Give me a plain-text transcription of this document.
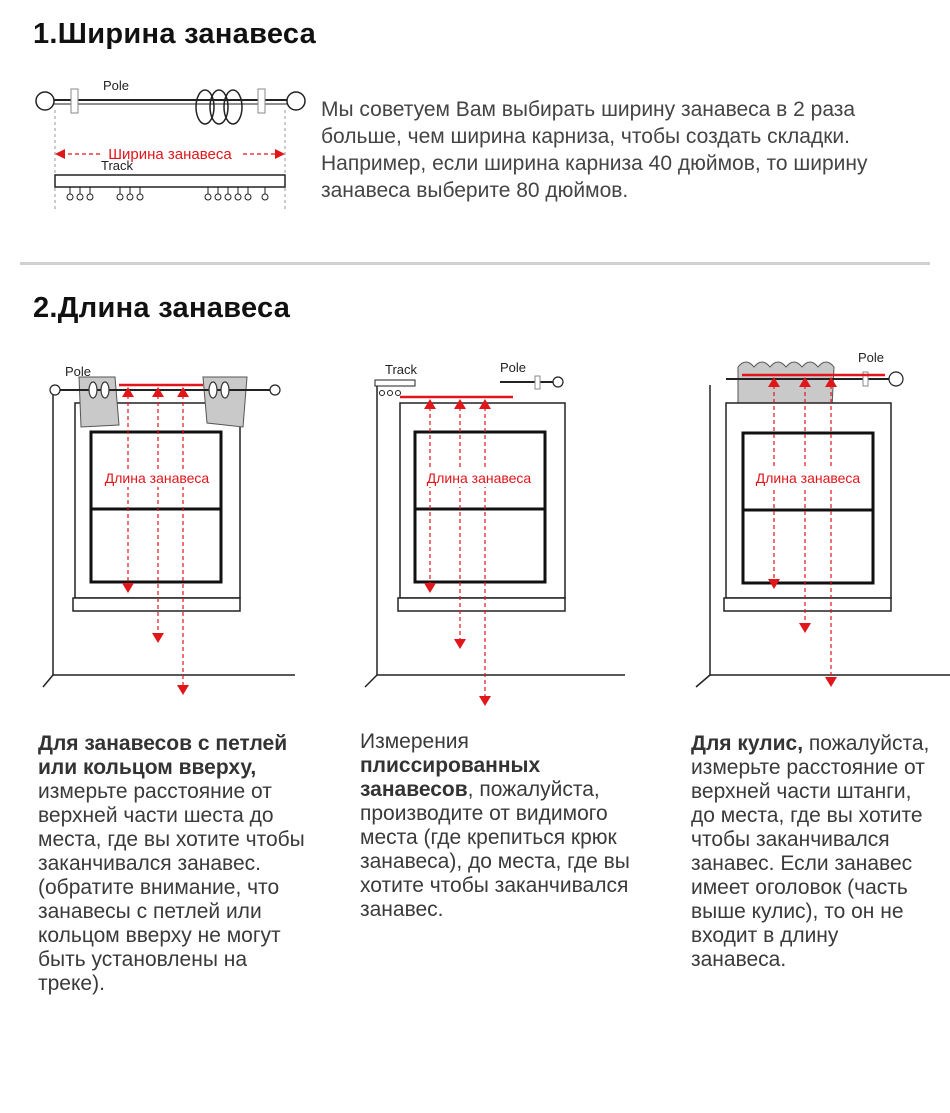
1.Ширина занавеса
Pole
Ширина занавеса
Track
Мы советуем Вам выбирать ширину занавеса в 2 раза больше, чем ширина карниза, чтобы создать складки. Например, если ширина карниза 40 дюймов, то ширину занавеса выберите 80 дюймов.
2.Длина занавеса
Pole
Длина занавеса
Track	Pole
Длина занавеса
Pole
Длина занавеса
Для занавесов с петлей или кольцом вверху, измерьте расстояние от верхней части шеста до места, где вы хотите чтобы заканчивался занавес.
(обратите внимание, что занавесы с петлей или кольцом вверху не могут быть установлены на треке).
Измерения плиссированных занавесов, пожалуйста, производите от видимого места (где крепиться крюк занавеса), до места, где вы хотите чтобы заканчивался занавес.
Для кулис, пожалуйста, измерьте расстояние от верхней части штанги, до места, где вы хотите чтобы заканчивался занавес. Если занавес имеет оголовок (часть выше кулис), то он не входит в длину занавеса.
